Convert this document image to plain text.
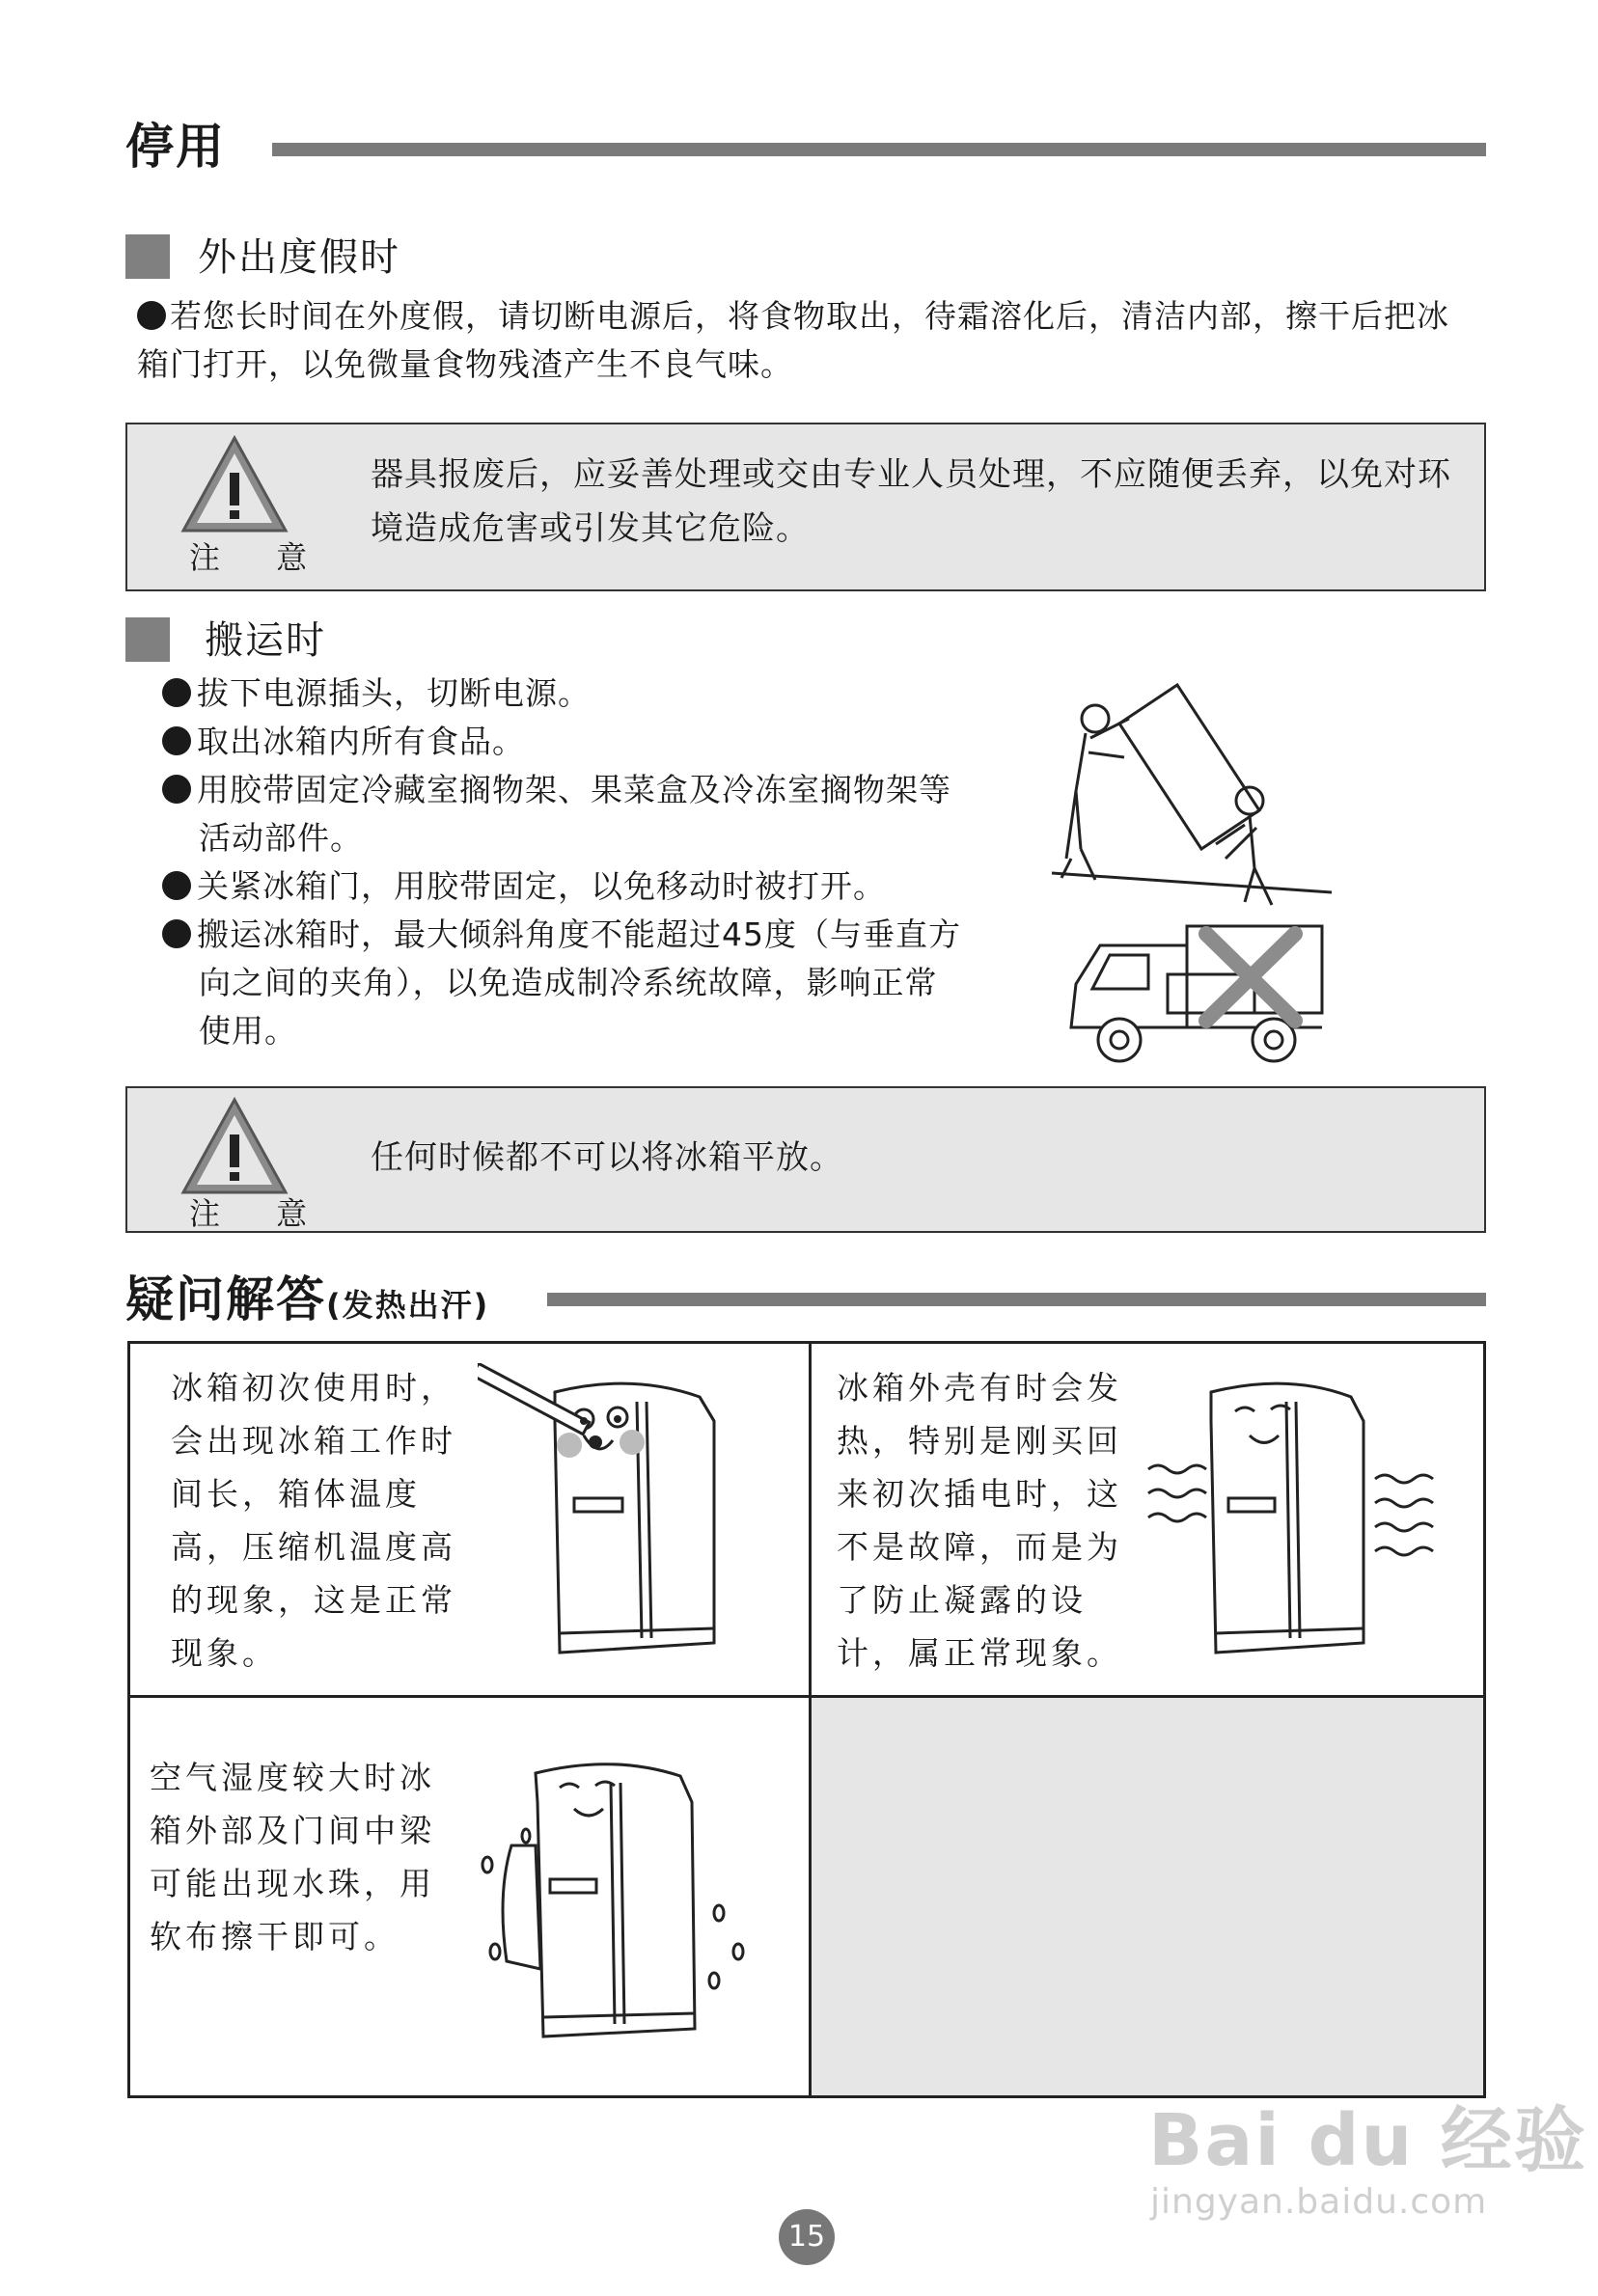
停用
外出度假时
若您长时间在外度假，请切断电源后，将食物取出，待霜溶化后，清洁内部，擦干后把冰箱门打开，以免微量食物残渣产生不良气味。
注 意
器具报废后，应妥善处理或交由专业人员处理，不应随便丢弃，以免对环境造成危害或引发其它危险。
搬运时
拔下电源插头，切断电源。
取出冰箱内所有食品。
用胶带固定冷藏室搁物架、果菜盒及冷冻室搁物架等活动部件。
关紧冰箱门，用胶带固定，以免移动时被打开。
搬运冰箱时，最大倾斜角度不能超过45度（与垂直方向之间的夹角），以免造成制冷系统故障，影响正常使用。
注 意
任何时候都不可以将冰箱平放。
疑问解答(发热出汗)
冰箱初次使用时，会出现冰箱工作时间长，箱体温度高，压缩机温度高的现象，这是正常现象。
冰箱外壳有时会发热，特别是刚买回来初次插电时，这不是故障，而是为了防止凝露的设计，属正常现象。
空气湿度较大时冰箱外部及门间中梁可能出现水珠，用软布擦干即可。
15
Bai du 经验
jingyan.baidu.com
